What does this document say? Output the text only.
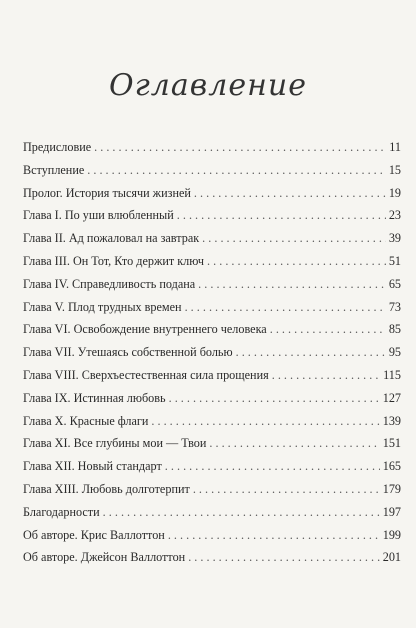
Оглавление
Предисловие . . .	11
Вступление . . .	15
Пролог. История тысячи жизней . . .	19
Глава I. По уши влюбленный . . .	23
Глава II. Ад пожаловал на завтрак . . .	39
Глава III. Он Тот, Кто держит ключ . . .	51
Глава IV. Справедливость подана . . .	65
Глава V. Плод трудных времен . . .	73
Глава VI. Освобождение внутреннего человека . . .	85
Глава VII. Утешаясь собственной болью . . .	95
Глава VIII. Сверхъестественная сила прощения . . .	115
Глава IX. Истинная любовь . . .	127
Глава X. Красные флаги . . .	139
Глава XI. Все глубины мои — Твои . . .	151
Глава XII. Новый стандарт . . .	165
Глава XIII. Любовь долготерпит . . .	179
Благодарности . . .	197
Об авторе. Крис Валлоттон . . .	199
Об авторе. Джейсон Валлоттон . . .	201
